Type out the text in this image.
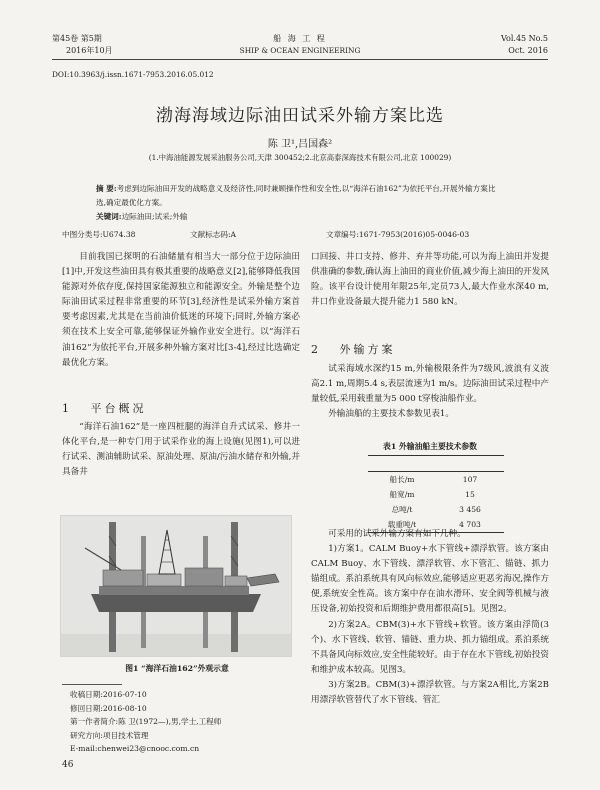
第45卷 第5期
2016年10月
船 海 工 程
SHIP & OCEAN ENGINEERING
Vol.45 No.5
Oct. 2016
DOI:10.3963/j.issn.1671-7953.2016.05.012
渤海海域边际油田试采外输方案比选
陈 卫¹,吕国森²
(1.中海油能源发展采油服务公司,天津 300452;2.北京高泰深海技术有限公司,北京 100029)
摘 要:考虑到边际油田开发的战略意义及经济性,同时兼顾操作性和安全性,以“海洋石油162”为依托平台,开展外输方案比选,确定最优化方案。
关键词:边际油田;试采;外输
中图分类号:U674.38	文献标志码:A	文章编号:1671-7953(2016)05-0046-03

目前我国已探明的石油储量有相当大一部分位于边际油田[1]中,开发这些油田具有极其重要的战略意义[2],能够降低我国能源对外依存度,保持国家能源独立和能源安全。外输是整个边际油田试采过程非常重要的环节[3],经济性是试采外输方案首要考虑因素,尤其是在当前油价低迷的环境下;同时,外输方案必须在技术上安全可靠,能够保证外输作业安全进行。以“海洋石油162”为依托平台,开展多种外输方案对比[3-4],经过比选确定最优化方案。

1 平台概况

“海洋石油162”是一座四桩腿的海洋自升式试采、修井一体化平台,是一种专门用于试采作业的海上设施(见图1),可以进行试采、测油辅助试采、原油处理、原油/污油水储存和外输,并具备井

图1 “海洋石油162”外观示意
收稿日期:2016-07-10
修回日期:2016-08-10
第一作者简介:陈 卫(1972—),男,学士,工程师
研究方向:项目技术管理
E-mail:chenwei23@cnooc.com.cn
46

口回接、井口支持、修井、弃井等功能,可以为海上油田并发提供准确的参数,确认海上油田的商业价值,减少海上油田的开发风险。该平台设计使用年限25年,定员73人,最大作业水深40 m,井口作业设备最大提升能力1 580 kN。

2 外输方案

试采海域水深约15 m,外输极限条件为7级风,波浪有义波高2.1 m,周期5.4 s,表层流速为1 m/s。边际油田试采过程中产量较低,采用载重量为5 000 t穿梭油船作业。

外输油船的主要技术参数见表1。

表1 外输油船主要技术参数

船长/m	107
船宽/m	15
总吨/t	3 456
载重吨/t	4 703

可采用的试采外输方案有如下几种。

1)方案1。CALM Buoy+水下管线+漂浮软管。该方案由CALM Buoy、水下管线、漂浮软管、水下管汇、锚链、抓力锚组成。系泊系统具有风向标效应,能够适应更恶劣海况,操作方便,系统安全性高。该方案中存在油水滑环、安全阀等机械与液压设备,初始投资和后期维护费用都很高[5]。见图2。

2)方案2A。CBM(3)+水下管线+软管。该方案由浮筒(3个)、水下管线、软管、锚链、重力块、抓力锚组成。系泊系统不具备风向标效应,安全性能较好。由于存在水下管线,初始投资和维护成本较高。见图3。

3)方案2B。CBM(3)+漂浮软管。与方案2A相比,方案2B用漂浮软管替代了水下管线、管汇
